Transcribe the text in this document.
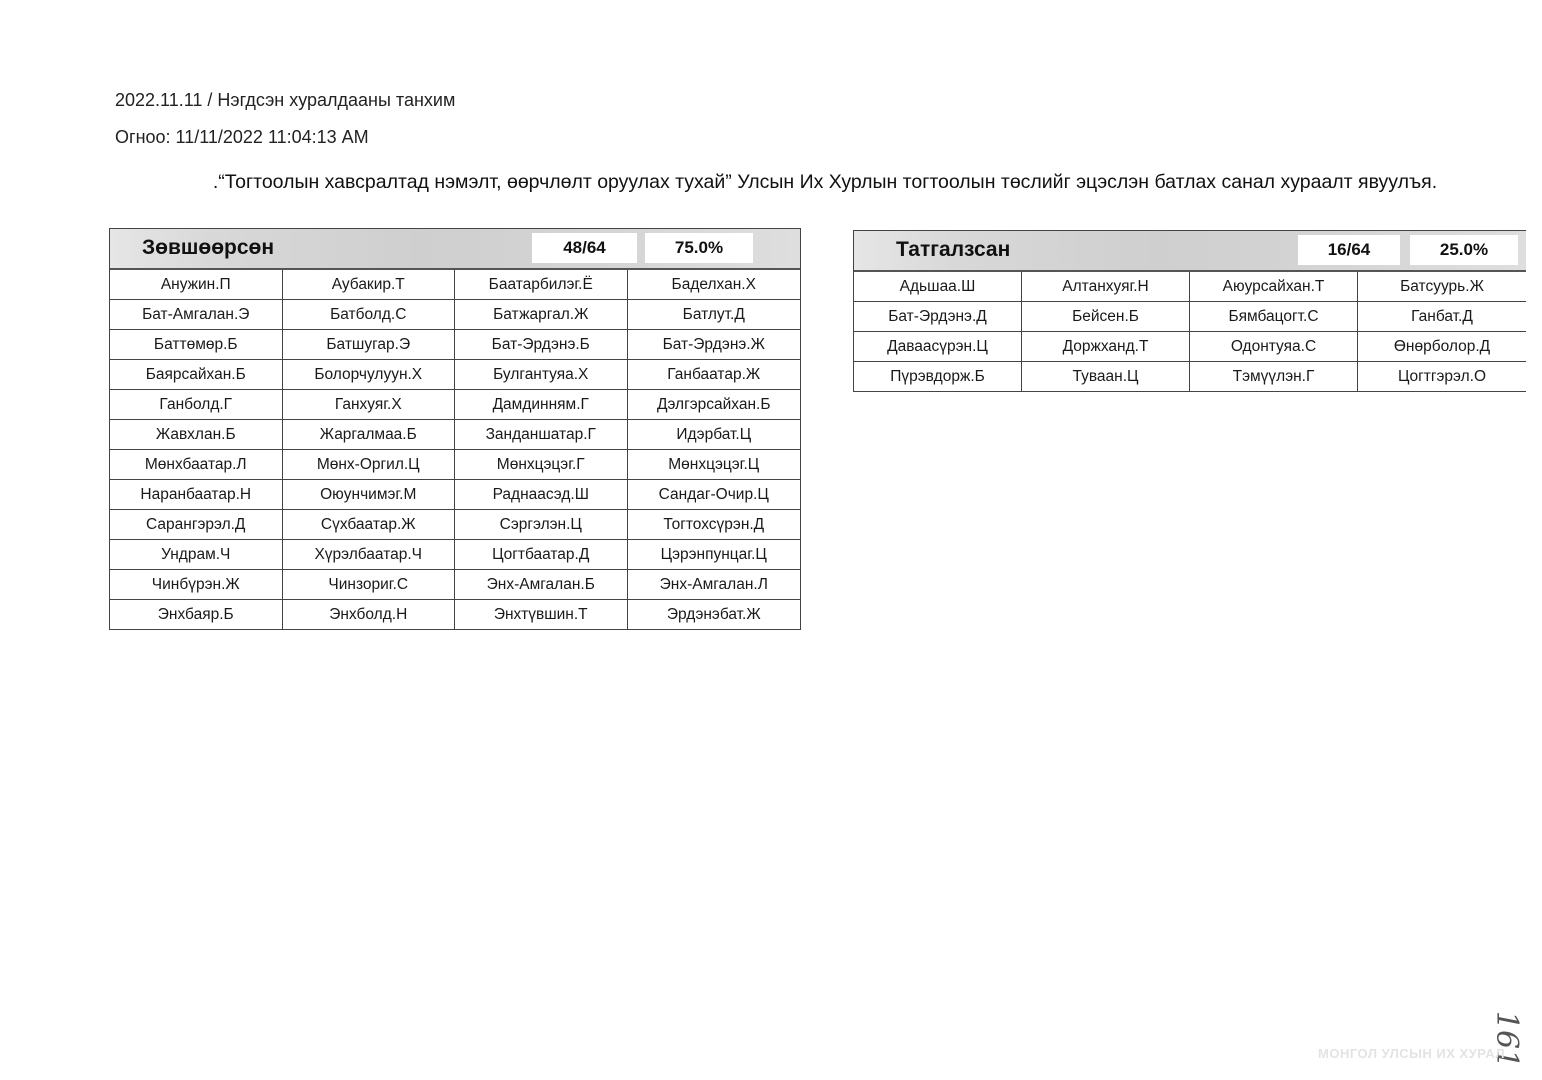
2022.11.11 / Нэгдсэн хуралдааны танхим
Огноо: 11/11/2022 11:04:13 AM
.“Тогтоолын хавсралтад нэмэлт, өөрчлөлт оруулах тухай” Улсын Их Хурлын тогтоолын төслийг эцэслэн батлах санал хураалт явуулъя.
Зөвшөөрсөн	48/64	75.0%
Анужин.П	Аубакир.Т	Баатарбилэг.Ё	Баделхан.Х
Бат-Амгалан.Э	Батболд.С	Батжаргал.Ж	Батлут.Д
Баттөмөр.Б	Батшугар.Э	Бат-Эрдэнэ.Б	Бат-Эрдэнэ.Ж
Баярсайхан.Б	Болорчулуун.Х	Булгантуяа.Х	Ганбаатар.Ж
Ганболд.Г	Ганхуяг.Х	Дамдинням.Г	Дэлгэрсайхан.Б
Жавхлан.Б	Жаргалмаа.Б	Занданшатар.Г	Идэрбат.Ц
Мөнхбаатар.Л	Мөнх-Оргил.Ц	Мөнхцэцэг.Г	Мөнхцэцэг.Ц
Наранбаатар.Н	Оюунчимэг.М	Раднаасэд.Ш	Сандаг-Очир.Ц
Сарангэрэл.Д	Сүхбаатар.Ж	Сэргэлэн.Ц	Тогтохсүрэн.Д
Ундрам.Ч	Хүрэлбаатар.Ч	Цогтбаатар.Д	Цэрэнпунцаг.Ц
Чинбүрэн.Ж	Чинзориг.С	Энх-Амгалан.Б	Энх-Амгалан.Л
Энхбаяр.Б	Энхболд.Н	Энхтүвшин.Т	Эрдэнэбат.Ж
Татгалзсан	16/64	25.0%
Адьшаа.Ш	Алтанхуяг.Н	Аюурсайхан.Т	Батсуурь.Ж
Бат-Эрдэнэ.Д	Бейсен.Б	Бямбацогт.С	Ганбат.Д
Даваасүрэн.Ц	Доржханд.Т	Одонтуяа.С	Өнөрболор.Д
Пүрэвдорж.Б	Туваан.Ц	Тэмүүлэн.Г	Цогтгэрэл.О
161
МОНГОЛ УЛСЫН ИХ ХУРАЛ
